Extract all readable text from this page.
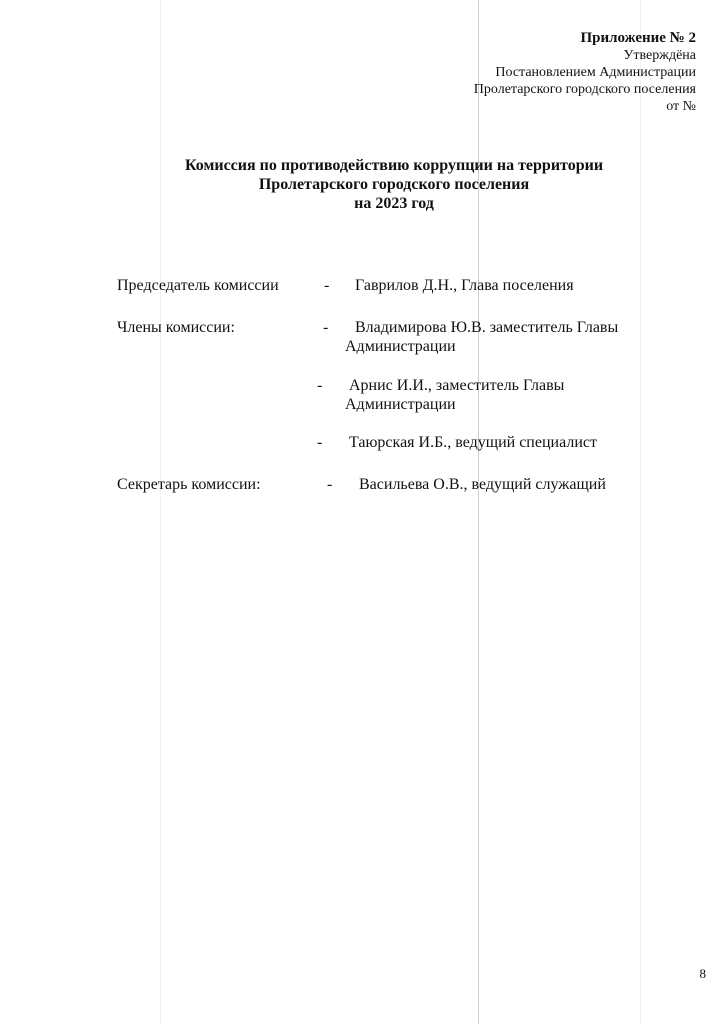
Приложение № 2
Утверждёна
Постановлением Администрации
Пролетарского городского поселения
от №
Комиссия по противодействию коррупции на территории
Пролетарского городского поселения
на 2023 год
Председатель комиссии	- Гаврилов Д.Н., Глава поселения
Члены комиссии:	- Владимирова Ю.В. заместитель Главы
Администрации
- Арнис И.И., заместитель Главы
Администрации
- Таюрская И.Б., ведущий специалист
Секретарь комиссии:	- Васильева О.В., ведущий служащий
8
